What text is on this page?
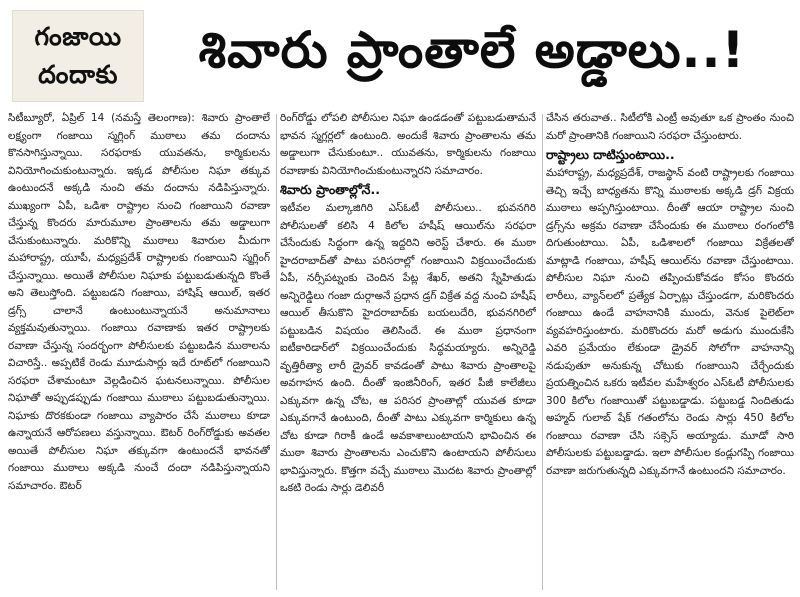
గంజాయి
దందాకు	శివారు ప్రాంతాలే అడ్డాలు..!

సిటీబ్యూరో, ఏప్రిల్ 14 (నమస్తే తెలంగాణ): శివారు ప్రాంతాలే లక్ష్యంగా గంజాయి స్మగ్లింగ్ ముఠాలు తమ దందాను కొనసాగిస్తున్నాయి. సరఫరాకు యువతను, కార్మికులను వినియోగించుకుంటున్నారు. ఇక్కడ పోలీసుల నిఘా తక్కువ ఉంటుందనే అక్కడి నుంచి తమ దందాను నడిపిస్తున్నారు. ముఖ్యంగా ఏపీ, ఒడిశా రాష్ట్రాల నుంచి గంజాయిని రవాణా చేస్తున్న కొందరు మారుమూల ప్రాంతాలను తమ అడ్డాలుగా చేసుకుంటున్నారు. మరికొన్ని ముఠాలు శివారుల మీదుగా మహారాష్ట్ర, యూపీ, మధ్యప్రదేశ్ రాష్ట్రాలకు గంజాయిని స్మగ్లింగ్ చేస్తున్నాయి. అయితే పోలీసుల నిఘాకు పట్టుబడుతున్నది కొంతే అని తెలుస్తోంది. పట్టుబడని గంజాయి, హాషిష్ ఆయిల్, ఇతర డ్రగ్స్ చాలానే ఉంటుంటున్నాయనే అనుమానాలు వ్యక్తమవుతున్నాయి. గంజాయి రవాణాకు ఇతర రాష్ట్రాలకు రవాణా చేస్తున్న సందర్భంగా పోలీసులకు పట్టుబడిన ముఠాలను విచారిస్తే.. అప్పటికే రెండు మూడుసార్లు ఇదే రూట్‌లో గంజాయిని సరఫరా చేశామంటూ వెల్లడించిన ఘటనలున్నాయి. పోలీసుల నిఘాతో అప్పుడప్పుడు గంజాయి ముఠాలు పట్టుబడుతున్నాయి. నిఘాకు దొరకకుండా గంజాయి వ్యాపారం చేసే ముఠాలు కూడా ఉన్నాయనే ఆరోపణలు వస్తున్నాయి. ఔటర్ రింగ్‌రోడ్డుకు అవతల అయితే పోలీసుల నిఘా తక్కువగా ఉంటుందనే భావనతో గంజాయి ముఠాలు అక్కడి నుంచే దందా నడిపిస్తున్నాయని సమాచారం. ఔటర్

రింగ్‌రోడ్డు లోపలి పోలీసుల నిఘా ఉండడంతో పట్టుబడుతామనే భావన స్మగ్లర్లలో ఉంటుంది. అందుకే శివారు ప్రాంతాలను తమ అడ్డాలుగా చేసుకుంటూ.. యువతను, కార్మికులను గంజాయి రవాణాకు వినియోగించుకుంటున్నారని సమాచారం.

శివారు ప్రాంతాల్లోనే..

ఇటీవల మల్కాజిగిరి ఎస్‌ఓటీ పోలీసులు.. భువనగిరి పోలీసులతో కలిసి 4 కిలోల హషీష్ ఆయిల్‌ను సరఫరా చేసేందుకు సిద్ధంగా ఉన్న ఇద్దరిని అరెస్ట్ చేశారు. ఈ ముఠా హైదరాబాద్‌తో పాటు పరిసరాల్లో గంజాయిని విక్రయించేందుకు ఏపీ, నర్సీపట్నంకు చెందిన పేట్ల శేఖర్, అతని స్నేహితుడు అన్నిరెడ్డిలు గంజా దుర్గాఅనే ప్రధాన డ్రగ్ విక్రేత వద్ద నుంచి హషీష్ ఆయిల్ తీసుకొని హైదరాబాద్‌కు బయలుదేరి, భువనగిరిలో పట్టుబడిన విషయం తెలిసిందే. ఈ ముఠా ప్రధానంగా ఐటీకారిడార్‌లో విక్రయించేందుకు సిద్ధమయ్యారు. అన్నిరెడ్డి వృత్తిరీత్యా లారీ డ్రైవర్ కావడంతో పాటు శివారు ప్రాంతాలపై అవగాహన ఉంది. దీంతో ఇంజినీరింగ్, ఇతర పీజీ కాలేజీలు ఎక్కువగా ఉన్న చోట, ఆ పరిసర ప్రాంతాల్లో యువత కూడా ఎక్కువగానే ఉంటుంది, దీంతో పాటు ఎక్కువగా కార్మికులు ఉన్న చోట కూడా గిరాకీ ఉండే అవకాశాలుంటాయని భావించిన ఈ ముఠా శివారు ప్రాంతాలను ఎంచుకొని ఉంటాయని పోలీసులు భావిస్తున్నారు. కొత్తగా వచ్చే ముఠాలు మొదట శివారు ప్రాంతాల్లో ఒకటి రెండు సార్లు డెలివరీ

చేసిన తరువాత.. సిటీలోకి ఎంట్రీ అవుతూ ఒక ప్రాంతం నుంచి మరో ప్రాంతానికి గంజాయిని సరఫరా చేస్తుంటారు.

రాష్ట్రాలు దాటిస్తుంటాయి..

మహారాష్ట్ర, మధ్యప్రదేశ్, రాజస్థాన్ వంటి రాష్ట్రాలకు గంజాయి తెచ్చి ఇచ్చే బాధ్యతను కొన్ని ముఠాలకు అక్కడి డ్రగ్ విక్రయ ముఠాలు అప్పగిస్తుంటాయి. దీంతో ఆయా రాష్ట్రాల నుంచి డ్రగ్స్‌ను అక్రమ రవాణా చేసేందుకు ఈ ముఠాలు రంగంలోకి దిగుతుంటాయి. ఏపీ, ఒడిశాలలో గంజాయి విక్రేతలతో మాట్లాడి గంజాయి, హషీష్ ఆయిల్‌ను రవాణా చేస్తుంటాయి. పోలీసుల నిఘా నుంచి తప్పించుకోవడం కోసం కొందరు లారీలు, వ్యాన్‌లలో ప్రత్యేక ఏర్పాట్లు చేస్తుండగా, మరికొందరు గంజాయి ఉండే వాహనానికి ముందు, వెనుక పైలెట్‌లా వ్యవహరిస్తుంటారు. మరికొందరు మరో అడుగు ముందుకేసి ఎవరి ప్రమేయం లేకుండా డ్రైవర్ సోలోగా వాహనాన్ని నడుపుతూ అనుకున్న చోటుకు గంజాయిని చేర్చేందుకు ప్రయత్నించిన ఒకరు ఇటీవల మహేశ్వరం ఎస్‌ఓటీ పోలీసులకు 300 కిలోల గంజాయితో పట్టుబడ్డాడు. పట్టుబడ్డ నిందితుడు అహ్మద్ గులాబ్ షేక్ గతంలోను రెండు సార్లు 450 కిలోల గంజాయి రవాణా చేసి సక్సెస్ అయ్యాడు. మూడో సారి పోలీసులకు పట్టుబడ్డాడు. ఇలా పోలీసుల కండ్లుగప్పి గంజాయి రవాణా జరుగుతున్నది ఎక్కువగానే ఉంటుందని సమాచారం.
